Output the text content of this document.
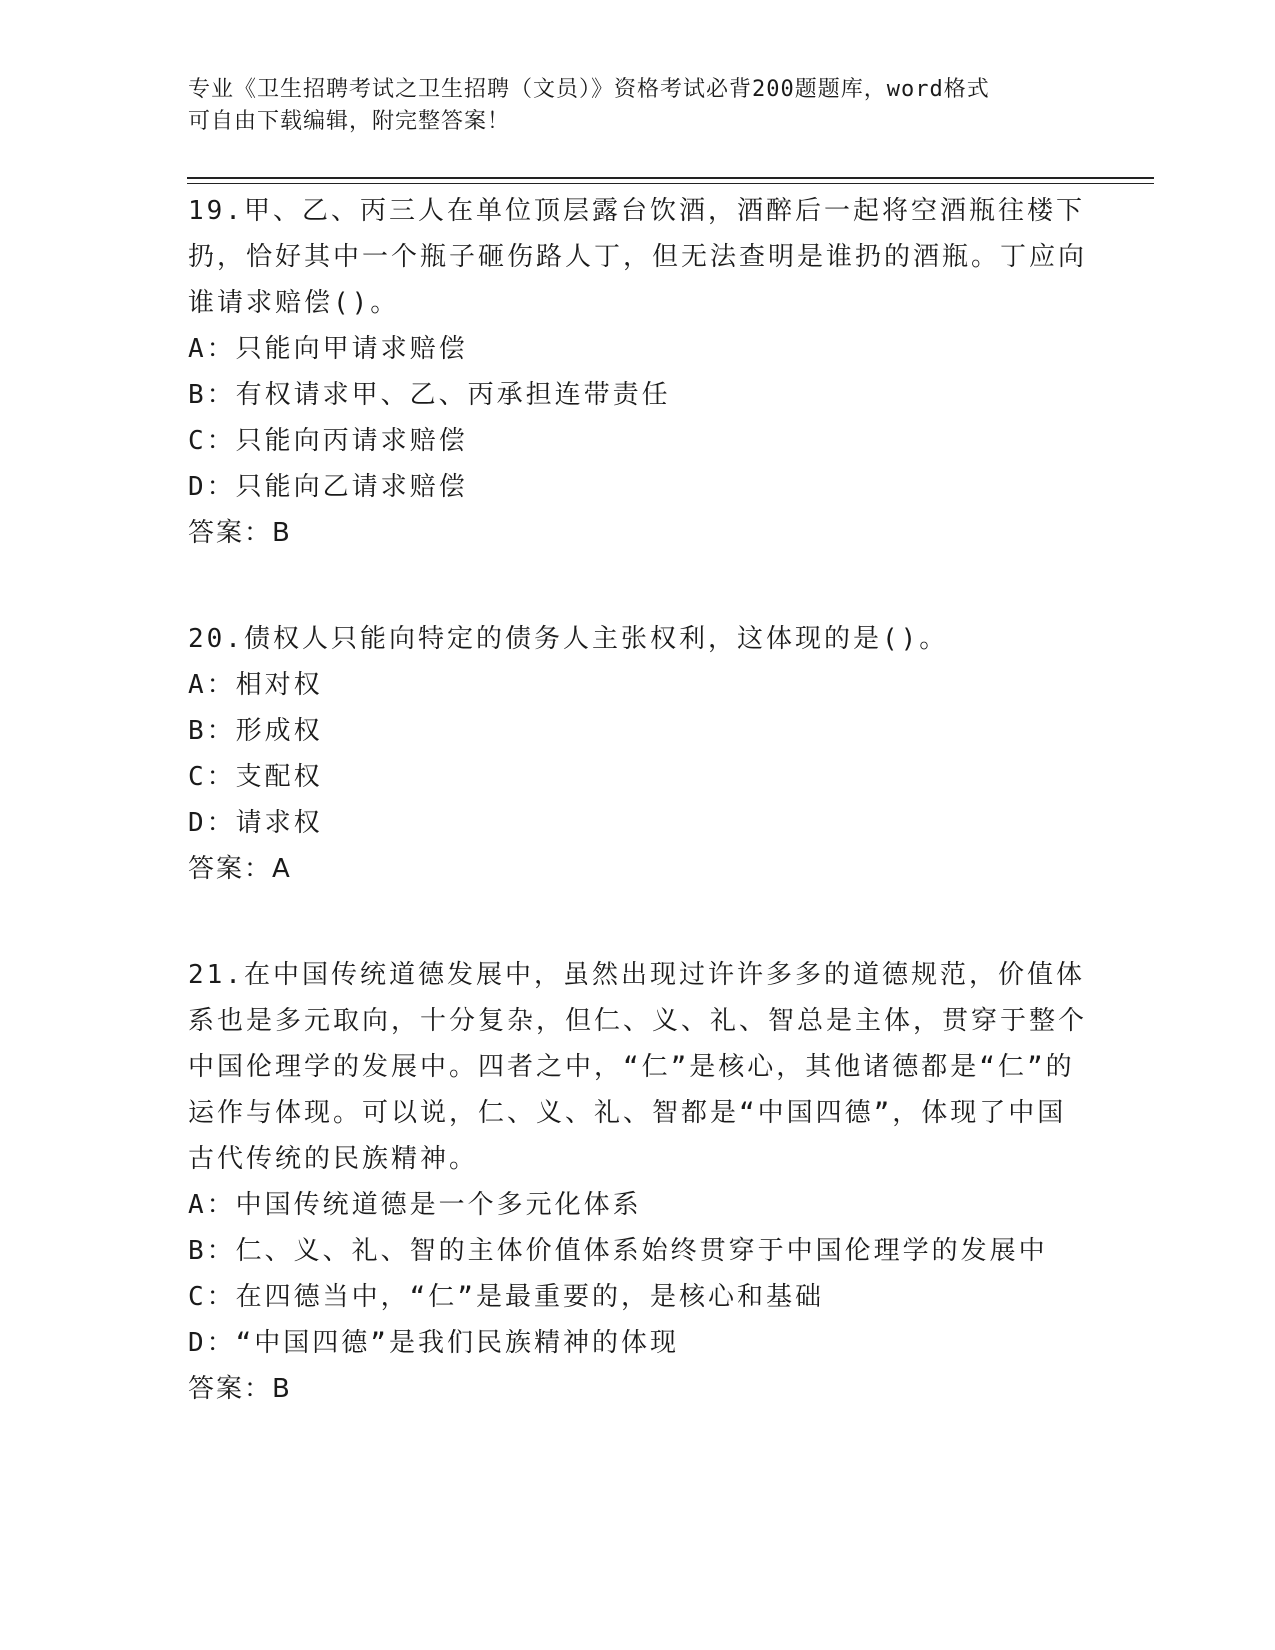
专业《卫生招聘考试之卫生招聘（文员）》资格考试必背200题题库，word格式
可自由下载编辑，附完整答案！
19.甲、乙、丙三人在单位顶层露台饮酒，酒醉后一起将空酒瓶往楼下扔，恰好其中一个瓶子砸伤路人丁，但无法查明是谁扔的酒瓶。丁应向谁请求赔偿()。
A：只能向甲请求赔偿
B：有权请求甲、乙、丙承担连带责任
C：只能向丙请求赔偿
D：只能向乙请求赔偿
答案：B
20.债权人只能向特定的债务人主张权利，这体现的是()。
A：相对权
B：形成权
C：支配权
D：请求权
答案：A
21.在中国传统道德发展中，虽然出现过许许多多的道德规范，价值体系也是多元取向，十分复杂，但仁、义、礼、智总是主体，贯穿于整个中国伦理学的发展中。四者之中，“仁”是核心，其他诸德都是“仁”的运作与体现。可以说，仁、义、礼、智都是“中国四德”，体现了中国古代传统的民族精神。
A：中国传统道德是一个多元化体系
B：仁、义、礼、智的主体价值体系始终贯穿于中国伦理学的发展中
C：在四德当中，“仁”是最重要的，是核心和基础
D：“中国四德”是我们民族精神的体现
答案：B
